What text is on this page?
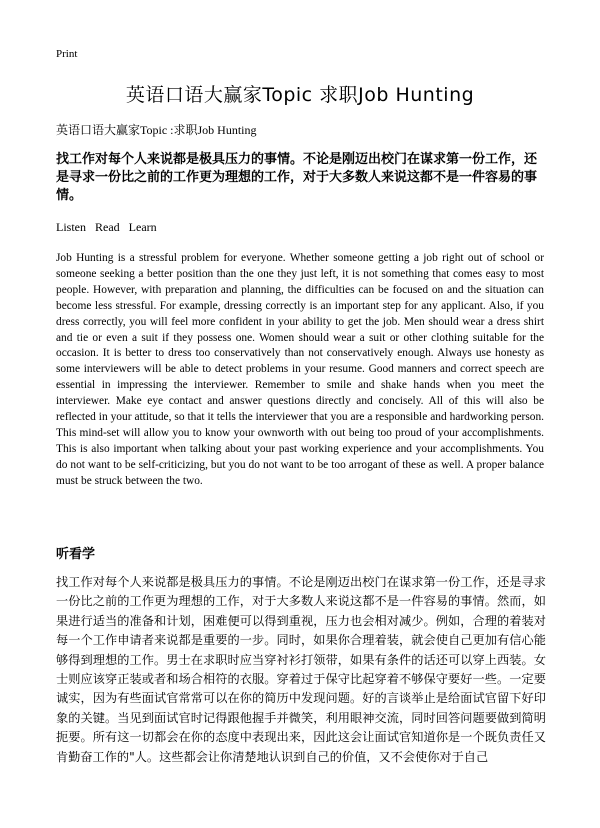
Print
英语口语大赢家Topic 求职Job Hunting
英语口语大赢家Topic :求职Job Hunting
找工作对每个人来说都是极具压力的事情。不论是刚迈出校门在谋求第一份工作，还是寻求一份比之前的工作更为理想的工作，对于大多数人来说这都不是一件容易的事情。
Listen Read Learn
Job Hunting is a stressful problem for everyone. Whether someone getting a job right out of school or someone seeking a better position than the one they just left, it is not something that comes easy to most people. However, with preparation and planning, the difficulties can be focused on and the situation can become less stressful. For example, dressing correctly is an important step for any applicant. Also, if you dress correctly, you will feel more confident in your ability to get the job. Men should wear a dress shirt and tie or even a suit if they possess one. Women should wear a suit or other clothing suitable for the occasion. It is better to dress too conservatively than not conservatively enough. Always use honesty as some interviewers will be able to detect problems in your resume. Good manners and correct speech are essential in impressing the interviewer. Remember to smile and shake hands when you meet the interviewer. Make eye contact and answer questions directly and concisely. All of this will also be reflected in your attitude, so that it tells the interviewer that you are a responsible and hardworking person. This mind-set will allow you to know your ownworth with out being too proud of your accomplishments. This is also important when talking about your past working experience and your accomplishments. You do not want to be self-criticizing, but you do not want to be too arrogant of these as well. A proper balance must be struck between the two.
听看学
找工作对每个人来说都是极具压力的事情。不论是刚迈出校门在谋求第一份工作，还是寻求一份比之前的工作更为理想的工作，对于大多数人来说这都不是一件容易的事情。然而，如果进行适当的准备和计划，困难便可以得到重视，压力也会相对减少。例如，合理的着装对每一个工作申请者来说都是重要的一步。同时，如果你合理着装，就会使自己更加有信心能够得到理想的工作。男士在求职时应当穿衬衫打领带，如果有条件的话还可以穿上西装。女士则应该穿正装或者和场合相符的衣服。穿着过于保守比起穿着不够保守要好一些。一定要诚实，因为有些面试官常常可以在你的简历中发现问题。好的言谈举止是给面试官留下好印象的关键。当见到面试官时记得跟他握手并微笑，利用眼神交流，同时回答问题要做到简明扼要。所有这一切都会在你的态度中表现出来，因此这会让面试官知道你是一个既负责任又肯勤奋工作的"人。这些都会让你清楚地认识到自己的价值，又不会使你对于自己
